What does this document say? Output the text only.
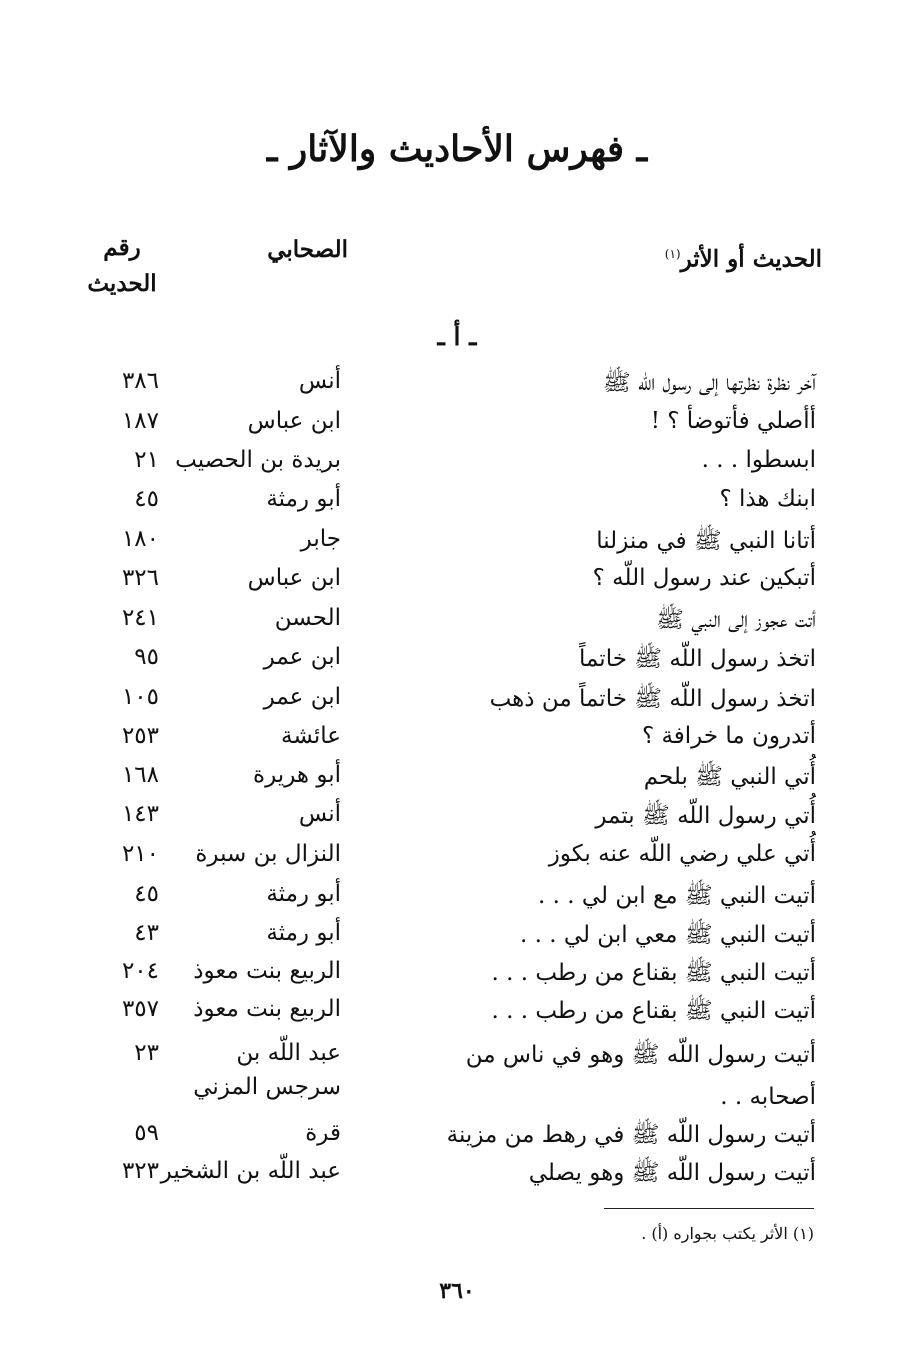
ـ فهرس الأحاديث والآثار ـ
الحديث أو الأثر$^{(١)}$
الصحابي
رقم
الحديث
ـ أ ـ
آخر نظرة نظرتها إلى رسول اللّه ﷺ
أنس
٣٨٦
أأصلي فأتوضأ ؟ !
ابن عباس
١٨٧
ابسطوا . . .
بريدة بن الحصيب
٢١
ابنك هذا ؟
أبو رمثة
٤٥
أتانا النبي ﷺ في منزلنا
جابر
١٨٠
أتبكين عند رسول اللّه ؟
ابن عباس
٣٢٦
أتت عجوز إلى النبي ﷺ
الحسن
٢٤١
اتخذ رسول اللّه ﷺ خاتماً
ابن عمر
٩٥
اتخذ رسول اللّه ﷺ خاتماً من ذهب
ابن عمر
١٠٥
أتدرون ما خرافة ؟
عائشة
٢٥٣
أُتي النبي ﷺ بلحم
أبو هريرة
١٦٨
أُتي رسول اللّه ﷺ بتمر
أنس
١٤٣
أُتي علي رضي اللّه عنه بكوز
النزال بن سبرة
٢١٠
أتيت النبي ﷺ مع ابن لي . . .
أبو رمثة
٤٥
أتيت النبي ﷺ معي ابن لي . . .
أبو رمثة
٤٣
أتيت النبي ﷺ بقناع من رطب . . .
الربيع بنت معوذ
٢٠٤
أتيت النبي ﷺ بقناع من رطب . . .
الربيع بنت معوذ
٣٥٧
أتيت رسول اللّه ﷺ وهو في ناس من
أصحابه . .
عبد اللّه بن
سرجس المزني
٢٣
أتيت رسول اللّه ﷺ في رهط من مزينة
قرة
٥٩
أتيت رسول اللّه ﷺ وهو يصلي
عبد اللّه بن الشخير
٣٢٣
(١) الأثر يكتب بجواره (أ) .
٣٦٠
